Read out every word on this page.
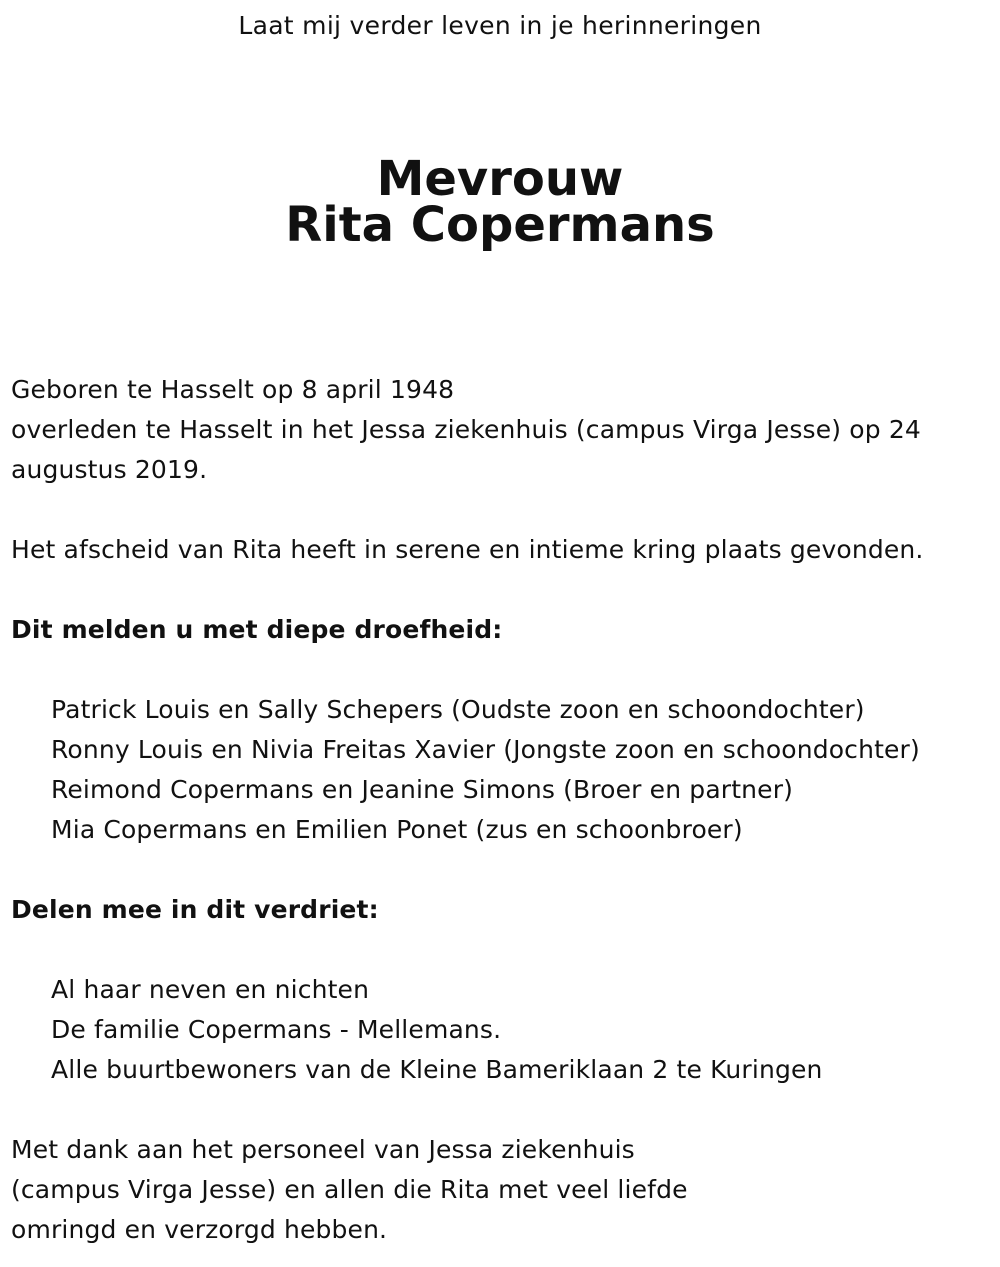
Laat mij verder leven in je herinneringen
Mevrouw
Rita Copermans
Geboren te Hasselt op 8 april 1948
overleden te Hasselt in het Jessa ziekenhuis (campus Virga Jesse) op 24
augustus 2019.
Het afscheid van Rita heeft in serene en intieme kring plaats gevonden.
Dit melden u met diepe droefheid:
Patrick Louis en Sally Schepers (Oudste zoon en schoondochter)
Ronny Louis en Nivia Freitas Xavier (Jongste zoon en schoondochter)
Reimond Copermans en Jeanine Simons (Broer en partner)
Mia Copermans en Emilien Ponet (zus en schoonbroer)
Delen mee in dit verdriet:
Al haar neven en nichten
De familie Copermans - Mellemans.
Alle buurtbewoners van de Kleine Bameriklaan 2 te Kuringen
Met dank aan het personeel van Jessa ziekenhuis
(campus Virga Jesse) en allen die Rita met veel liefde
omringd en verzorgd hebben.
